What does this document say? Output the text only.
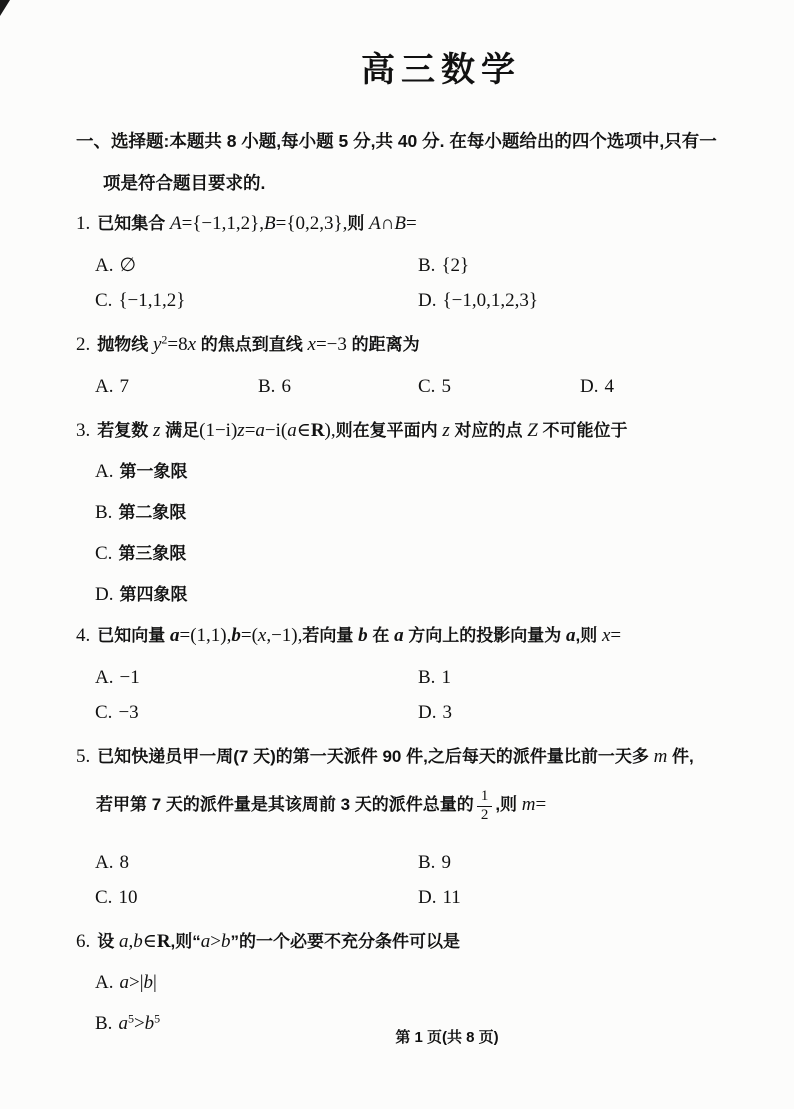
高三数学
一、选择题:本题共 8 小题,每小题 5 分,共 40 分. 在每小题给出的四个选项中,只有一
项是符合题目要求的.
1. 已知集合 A={−1,1,2},B={0,2,3},则 A∩B=
A. ∅	B. {2}
C. {−1,1,2}	D. {−1,0,1,2,3}
2. 抛物线 $y^2=8x$ 的焦点到直线 x=−3 的距离为
A. 7	B. 6	C. 5	D. 4
3. 若复数 z 满足(1−i)z=a−i(a∈R),则在复平面内 z 对应的点 Z 不可能位于
A. 第一象限
B. 第二象限
C. 第三象限
D. 第四象限
4. 已知向量 a=(1,1),b=(x,−1),若向量 b 在 a 方向上的投影向量为 a,则 x=
A. −1	B. 1
C. −3	D. 3
5. 已知快递员甲一周(7 天)的第一天派件 90 件,之后每天的派件量比前一天多 m 件,
若甲第 7 天的派件量是其该周前 3 天的派件总量的 $\frac{1}{2}$ ,则 m=
A. 8	B. 9
C. 10	D. 11
6. 设 a,b∈R,则“a>b”的一个必要不充分条件可以是
A. a>|b|
B. $a^5>b^5$
第 1 页(共 8 页)
